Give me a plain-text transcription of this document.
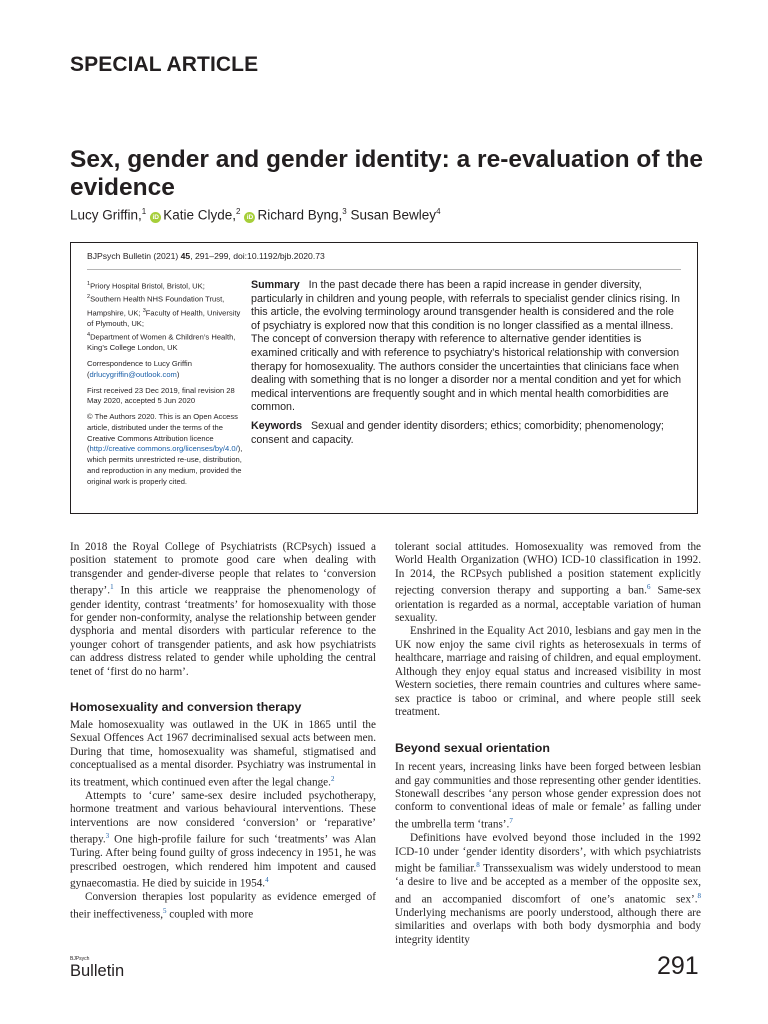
SPECIAL ARTICLE
Sex, gender and gender identity: a re-evaluation of the evidence
Lucy Griffin,$^1$iD Katie Clyde,$^2$iD Richard Byng,$^3$ Susan Bewley$^4$
BJPsych Bulletin (2021) 45, 291–299, doi:10.1192/bjb.2020.73

$^1$Priory Hospital Bristol, Bristol, UK;
$^2$Southern Health NHS Foundation Trust, Hampshire, UK; $^3$Faculty of Health, University of Plymouth, UK;
$^4$Department of Women & Children’s Health, King’s College London, UK

Correspondence to Lucy Griffin
(drlucygriffin@outlook.com)

First received 23 Dec 2019, final revision 28 May 2020, accepted 5 Jun 2020

© The Authors 2020. This is an Open Access article, distributed under the terms of the Creative Commons Attribution licence (http://creative commons.org/licenses/by/4.0/), which permits unrestricted re-use, distribution, and reproduction in any medium, provided the original work is properly cited.

Summary In the past decade there has been a rapid increase in gender diversity, particularly in children and young people, with referrals to specialist gender clinics rising. In this article, the evolving terminology around transgender health is considered and the role of psychiatry is explored now that this condition is no longer classified as a mental illness. The concept of conversion therapy with reference to alternative gender identities is examined critically and with reference to psychiatry’s historical relationship with conversion therapy for homosexuality. The authors consider the uncertainties that clinicians face when dealing with something that is no longer a disorder nor a mental condition and yet for which medical interventions are frequently sought and in which mental health comorbidities are common.

Keywords Sexual and gender identity disorders; ethics; comorbidity; phenomenology; consent and capacity.

In 2018 the Royal College of Psychiatrists (RCPsych) issued a position statement to promote good care when dealing with transgender and gender-diverse people that relates to ‘conversion therapy’.$^1$ In this article we reappraise the phenomenology of gender identity, contrast ‘treatments’ for homosexuality with those for gender non-conformity, analyse the relationship between gender dysphoria and mental disorders with particular reference to the younger cohort of transgender patients, and ask how psychiatrists can address distress related to gender while upholding the central tenet of ‘first do no harm’.

Homosexuality and conversion therapy

Male homosexuality was outlawed in the UK in 1865 until the Sexual Offences Act 1967 decriminalised sexual acts between men. During that time, homosexuality was shameful, stigmatised and conceptualised as a mental disorder. Psychiatry was instrumental in its treatment, which continued even after the legal change.$^2$

Attempts to ‘cure’ same-sex desire included psychotherapy, hormone treatment and various behavioural interventions. These interventions are now considered ‘conversion’ or ‘reparative’ therapy.$^3$ One high-profile failure for such ‘treatments’ was Alan Turing. After being found guilty of gross indecency in 1951, he was prescribed oestrogen, which rendered him impotent and caused gynaecomastia. He died by suicide in 1954.$^4$

Conversion therapies lost popularity as evidence emerged of their ineffectiveness,$^5$ coupled with more

tolerant social attitudes. Homosexuality was removed from the World Health Organization (WHO) ICD-10 classification in 1992. In 2014, the RCPsych published a position statement explicitly rejecting conversion therapy and supporting a ban.$^6$ Same-sex orientation is regarded as a normal, acceptable variation of human sexuality.

Enshrined in the Equality Act 2010, lesbians and gay men in the UK now enjoy the same civil rights as heterosexuals in terms of healthcare, marriage and raising of children, and equal employment. Although they enjoy equal status and increased visibility in most Western societies, there remain countries and cultures where same-sex practice is taboo or criminal, and where people still seek treatment.

Beyond sexual orientation

In recent years, increasing links have been forged between lesbian and gay communities and those representing other gender identities. Stonewall describes ‘any person whose gender expression does not conform to conventional ideas of male or female’ as falling under the umbrella term ‘trans’.$^7$

Definitions have evolved beyond those included in the 1992 ICD-10 under ‘gender identity disorders’, with which psychiatrists might be familiar.$^8$ Transsexualism was widely understood to mean ‘a desire to live and be accepted as a member of the opposite sex, and an accompanied discomfort of one’s anatomic sex’.$^8$ Underlying mechanisms are poorly understood, although there are similarities and overlaps with both body dysmorphia and body integrity identity

BJPsych
Bulletin	291
